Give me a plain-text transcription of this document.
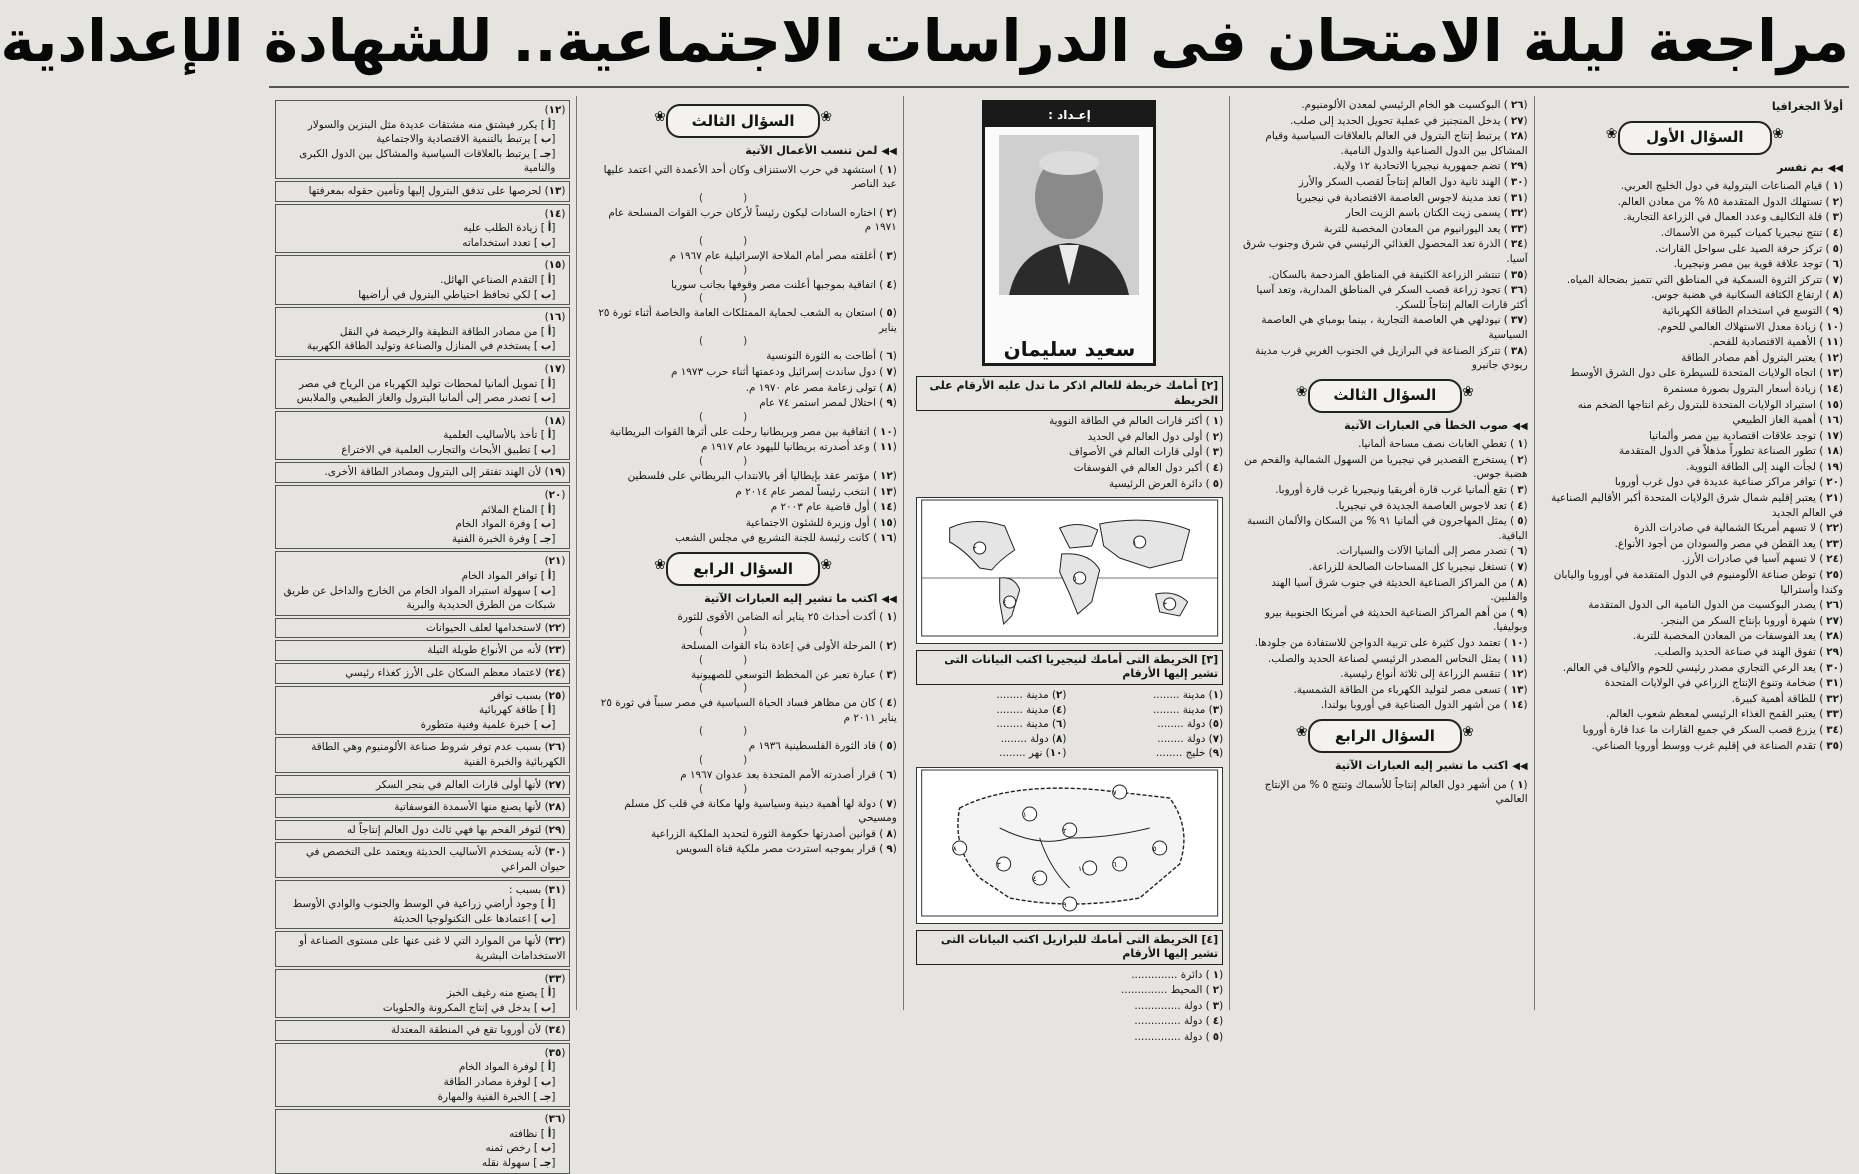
مراجعة ليلة الامتحان فى الدراسات الاجتماعية.. للشهادة الإعدادية
أولاً الجغرافيا
❀ السؤال الأول ❀
◀◀بم تفسر
(١) قيام الصناعات البترولية في دول الخليج العربي.
(٢) تستهلك الدول المتقدمة ٨٥ % من معادن العالم.
(٣) قلة التكاليف وعدد العمال في الزراعة التجارية.
(٤) تنتج نيجيريا كميات كبيرة من الأسماك.
(٥) تركز حرفة الصيد على سواحل القارات.
(٦) توجد علاقة قوية بين مصر ونيجيريا.
(٧) تتركز الثروة السمكية في المناطق التي تتميز بضحالة المياه.
(٨) ارتفاع الكثافة السكانية في هضبة جوس.
(٩) التوسع في استخدام الطاقة الكهربائية
(١٠) زيادة معدل الاستهلاك العالمي للحوم.
(١١) الأهمية الاقتصادية للفحم.
(١٢) يعتبر البترول أهم مصادر الطاقة
(١٣) اتجاه الولايات المتحدة للسيطرة على دول الشرق الأوسط
(١٤) زيادة أسعار البترول بصورة مستمرة
(١٥) استيراد الولايات المتحدة للبترول رغم انتاجها الضخم منه
(١٦) أهمية الغاز الطبيعي
(١٧) توجد علاقات اقتصادية بين مصر وألمانيا
(١٨) تطور الصناعة تطوراً مذهلاً في الدول المتقدمة
(١٩) لجأت الهند إلى الطاقة النووية.
(٢٠) توافر مراكز صناعية عديدة في دول غرب أوروبا
(٢١) يعتبر إقليم شمال شرق الولايات المتحدة أكبر الأقاليم الصناعية في العالم الجديد
(٢٢) لا تسهم أمريكا الشمالية في صادرات الذرة
(٢٣) يعد القطن في مصر والسودان من أجود الأنواع.
(٢٤) لا تسهم آسيا في صادرات الأرز.
(٢٥) توطن صناعة الألومنيوم في الدول المتقدمة في أوروبا واليابان وكندا وأستراليا
(٢٦) يصدر البوكسيت من الدول النامية الى الدول المتقدمة
(٢٧) شهرة أوروبا بإنتاج السكر من البنجر.
(٢٨) يعد الفوسفات من المعادن المخصبة للتربة.
(٢٩) تفوق الهند في صناعة الحديد والصلب.
(٣٠) يعد الرعي التجاري مصدر رئيسي للحوم والألياف في العالم.
(٣١) ضخامة وتنوع الإنتاج الزراعي في الولايات المتحدة
(٣٢) للطاقة أهمية كبيرة.
(٣٣) يعتبر القمح الغذاء الرئيسي لمعظم شعوب العالم.
(٣٤) يزرع قصب السكر في جميع القارات ما عدا قارة أوروبا
(٣٥) تقدم الصناعة في إقليم غرب ووسط أوروبا الصناعي.
(٢٦) البوكسيت هو الخام الرئيسي لمعدن الألومنيوم.
(٢٧) يدخل المنجنيز في عملية تحويل الحديد إلى صلب.
(٢٨) يرتبط إنتاج البترول في العالم بالعلاقات السياسية وقيام المشاكل بين الدول الصناعية والدول النامية.
(٢٩) تضم جمهورية نيجيريا الاتحادية ١٢ ولاية.
(٣٠) الهند ثانية دول العالم إنتاجاً لقصب السكر والأرز
(٣١) تعد مدينة لاجوس العاصمة الاقتصادية في نيجيريا
(٣٢) يسمى زيت الكتان باسم الزيت الحار
(٣٣) يعد اليورانيوم من المعادن المخصبة للتربة
(٣٤) الذرة تعد المحصول الغذائي الرئيسي في شرق وجنوب شرق آسيا.
(٣٥) تنتشر الزراعة الكثيفة في المناطق المزدحمة بالسكان.
(٣٦) تجود زراعة قصب السكر في المناطق المدارية، وتعد آسيا أكثر قارات العالم إنتاجاً للسكر.
(٣٧) نيودلهي هي العاصمة التجارية ، بينما بومباي هي العاصمة السياسية
(٣٨) تتركز الصناعة في البرازيل في الجنوب الغربي قرب مدينة ريودي جانيرو
❀ السؤال الثالث ❀
◀◀صوب الخطأ في العبارات الآتية
(١) تغطي الغابات نصف مساحة ألمانيا.
(٢) يستخرج القصدير في نيجيريا من السهول الشمالية والفحم من هضبة جوس.
(٣) تقع ألمانيا غرب قارة أفريقيا ونيجيريا غرب قارة أوروبا.
(٤) تعد لاجوس العاصمة الجديدة في نيجيريا.
(٥) يمثل المهاجرون في ألمانيا ٩١ % من السكان والألمان النسبة الباقية.
(٦) تصدر مصر إلى ألمانيا الآلات والسيارات.
(٧) تستغل نيجيريا كل المساحات الصالحة للزراعة.
(٨) من المراكز الصناعية الحديثة في جنوب شرق آسيا الهند والفلبين.
(٩) من أهم المراكز الصناعية الحديثة في أمريكا الجنوبية بيرو وبوليفيا.
(١٠) تعتمد دول كثيرة على تربية الدواجن للاستفادة من جلودها.
(١١) يمثل النحاس المصدر الرئيسي لصناعة الحديد والصلب.
(١٢) تنقسم الزراعة إلى ثلاثة أنواع رئيسية.
(١٣) تسعى مصر لتوليد الكهرباء من الطاقة الشمسية.
(١٤) من أشهر الدول الصناعية في أوروبا بولندا.
❀ السؤال الرابع ❀
◀◀اكتب ما تشير إليه العبارات الآتية
(١) من أشهر دول العالم إنتاجاً للأسماك وتنتج ٥ % من الإنتاج العالمي
إعـداد :
سعيد سليمان
[٢] أمامك خريطة للعالم اذكر ما تدل عليه الأرقام على الخريطة
(١) أكثر قارات العالم في الطاقة النووية
(٢) أولى دول العالم في الحديد
(٣) أولى قارات العالم في الأصواف
(٤) أكبر دول العالم في الفوسفات
(٥) دائرة العرض الرئيسية
٢
٤
٥
١
٣
[٣] الخريطة التى أمامك لنيجيريا اكتب البيانات التى تشير إليها الأرقام
(١) مدينة ........
(٢) مدينة ........
(٣) مدينة ........
(٤) مدينة ........
(٥) دولة ........
(٦) مدينة ........
(٧) دولة ........
(٨) دولة ........
(٩) خليج ........
(١٠) نهر ........
١
٢
٣
٤
٥
٦
٧
٨
٩
١٠
[٤] الخريطة التى أمامك للبرازيل اكتب البيانات التى تشير إليها الأرقام
(١) دائرة ..............
(٢) المحيط ..............
(٣) دولة ..............
(٤) دولة ..............
(٥) دولة ..............
❀ السؤال الثالث ❀
◀◀لمن تنسب الأعمال الآتية
(١) استشهد في حرب الاستنزاف وكان أحد الأعمدة التي اعتمد عليها عبد الناصر
()
(٢) اختاره السادات ليكون رئيساً لأركان حرب القوات المسلحة عام ١٩٧١ م
()
(٣) أغلقته مصر أمام الملاحة الإسرائيلية عام ١٩٦٧ م
()
(٤) اتفاقية بموجبها أعلنت مصر وقوفها بجانب سوريا
()
(٥) استعان به الشعب لحماية الممتلكات العامة والخاصة أثناء ثورة ٢٥ يناير
()
(٦) أطاحت به الثورة التونسية
(٧) دول ساندت إسرائيل ودعمتها أثناء حرب ١٩٧٣ م
(٨) تولى زعامة مصر عام ١٩٧٠ م.
(٩) احتلال لمصر استمر ٧٤ عام
()
(١٠) اتفاقية بين مصر وبريطانيا رحلت على أثرها القوات البريطانية
(١١) وعد أصدرته بريطانيا لليهود عام ١٩١٧ م
()
(١٢) مؤتمر عقد بإيطاليا أقر بالانتداب البريطاني على فلسطين
(١٣) انتخب رئيساً لمصر عام ٢٠١٤ م
(١٤) أول قاضية عام ٢٠٠٣ م
(١٥) أول وزيرة للشئون الاجتماعية
(١٦) كانت رئيسة للجنة التشريع في مجلس الشعب
❀ السؤال الرابع ❀
◀◀اكتب ما تشير إليه العبارات الآتية
(١) أكدت أحداث ٢٥ يناير أنه الضامن الأقوى للثورة
()
(٢) المرحلة الأولى في إعادة بناء القوات المسلحة
()
(٣) عبارة تعبر عن المخطط التوسعي للصهيونية
()
(٤) كان من مظاهر فساد الحياة السياسية في مصر سبباً في ثورة ٢٥ يناير ٢٠١١ م
()
(٥) قاد الثورة الفلسطينية ١٩٣٦ م
()
(٦) قرار أصدرته الأمم المتحدة بعد عدوان ١٩٦٧ م
()
(٧) دولة لها أهمية دينية وسياسية ولها مكانة في قلب كل مسلم ومسيحي
(٨) قوانين أصدرتها حكومة الثورة لتحديد الملكية الزراعية
(٩) قرار بموجبه استردت مصر ملكية قناة السويس
(١٢)
[أ] يكرر فيشتق منه مشتقات عديدة مثل البنزين والسولار
[ب] يرتبط بالتنمية الاقتصادية والاجتماعية
[جـ] يرتبط بالعلاقات السياسية والمشاكل بين الدول الكبرى والنامية
(١٣) لحرصها على تدفق البترول إليها وتأمين حقوله بمعرفتها
(١٤)
[أ] زيادة الطلب عليه
[ب] تعدد استخداماته
(١٥)
[أ] التقدم الصناعي الهائل.
[ب] لكي تحافظ احتياطي البترول في أراضيها
(١٦)
[أ] من مصادر الطاقة النظيفة والرخيصة في النقل
[ب] يستخدم في المنازل والصناعة وتوليد الطاقة الكهربية
(١٧)
[أ] تمويل ألمانيا لمحطات توليد الكهرباء من الرياح في مصر
[ب] تصدر مصر إلى ألمانيا البترول والغاز الطبيعي والملابس
(١٨)
[أ] تأخذ بالأساليب العلمية
[ب] تطبيق الأبحاث والتجارب العلمية في الاختراع
(١٩) لأن الهند تفتقر إلى البترول ومصادر الطاقة الأخرى.
(٢٠)
[أ] المناخ الملائم
[ب] وفرة المواد الخام
[جـ] وفرة الخبرة الفنية
(٢١)
[أ] توافر المواد الخام
[ب] سهولة استيراد المواد الخام من الخارج والداخل عن طريق شبكات من الطرق الحديدية والبرية
(٢٢) لاستخدامها لعلف الحيوانات
(٢٣) لأنه من الأنواع طويلة التيلة
(٢٤) لاعتماد معظم السكان على الأرز كغذاء رئيسي
(٢٥) بسبب توافر
[أ] طاقة كهربائية
[ب] خبرة علمية وفنية متطورة
(٢٦) بسبب عدم توفر شروط صناعة الألومنيوم وهي الطاقة الكهربائية والخبرة الفنية
(٢٧) لأنها أولى قارات العالم في بنجر السكر
(٢٨) لأنها يصنع منها الأسمدة الفوسفاتية
(٢٩) لتوفر الفحم بها فهي ثالث دول العالم إنتاجاً له
(٣٠) لأنه يستخدم الأساليب الحديثة ويعتمد على التخصص في حيوان المراعي
(٣١) بسبب :
[أ] وجود أراضي زراعية في الوسط والجنوب والوادي الأوسط
[ب] اعتمادها على التكنولوجيا الحديثة
(٣٢) لأنها من الموارد التي لا غنى عنها على مستوى الصناعة أو الاستخدامات البشرية
(٣٣)
[أ] يصنع منه رغيف الخبز
[ب] يدخل في إنتاج المكرونة والحلويات
(٣٤) لأن أوروبا تقع في المنطقة المعتدلة
(٣٥)
[أ] لوفرة المواد الخام
[ب] لوفرة مصادر الطاقة
[جـ] الخبرة الفنية والمهارة
(٣٦)
[أ] نظافته
[ب] رخص ثمنه
[جـ] سهولة نقله
